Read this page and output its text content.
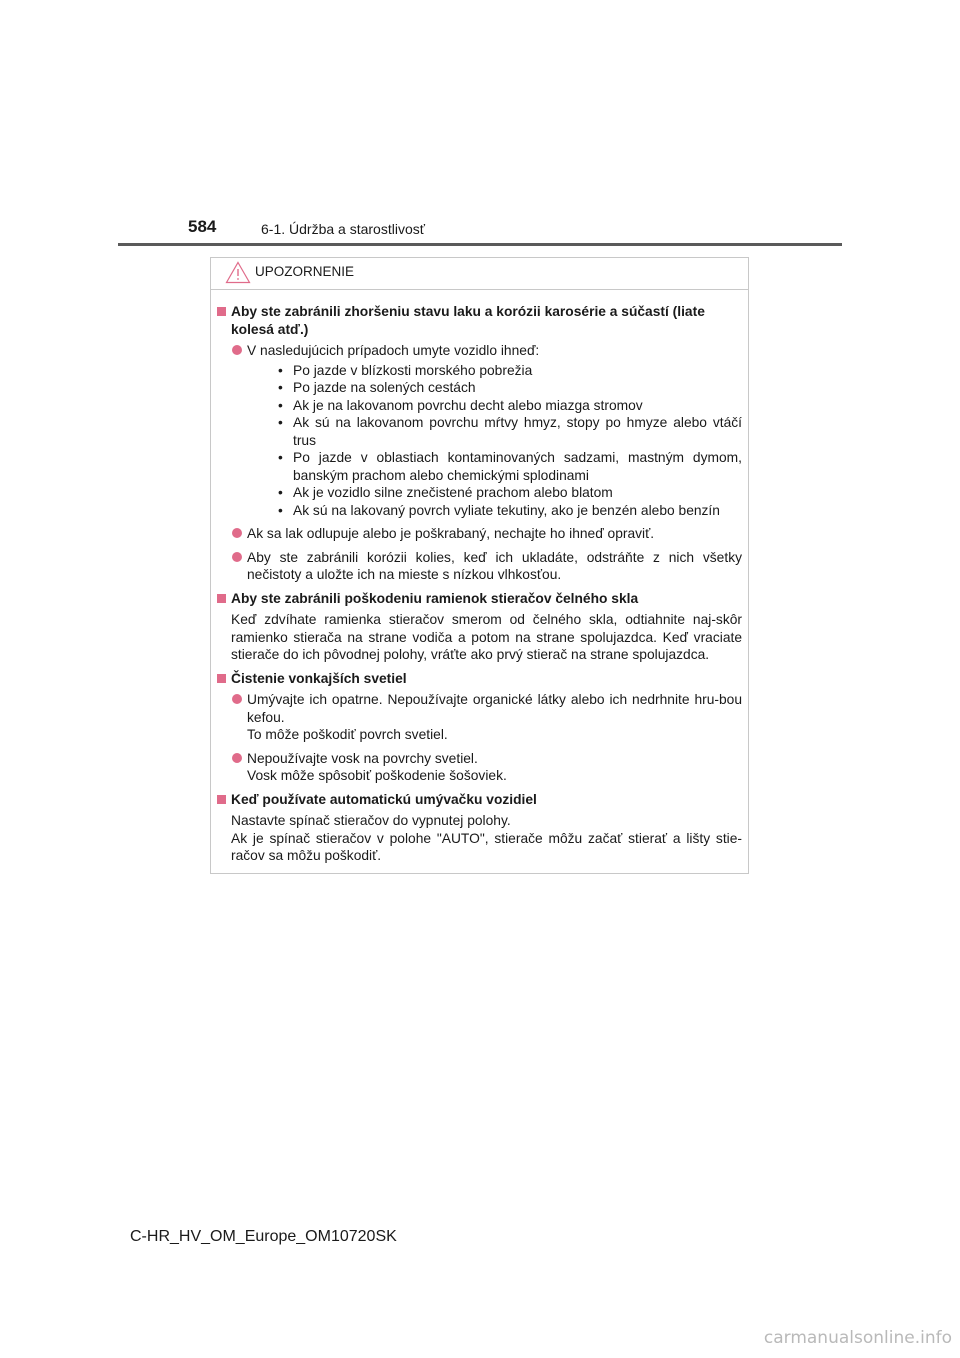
584	6-1. Údržba a starostlivosť
UPOZORNENIE
Aby ste zabránili zhoršeniu stavu laku a korózii karosérie a súčastí (liate kolesá atď.)
V nasledujúcich prípadoch umyte vozidlo ihneď:
• Po jazde v blízkosti morského pobrežia
• Po jazde na solených cestách
• Ak je na lakovanom povrchu decht alebo miazga stromov
• Ak sú na lakovanom povrchu mŕtvy hmyz, stopy po hmyze alebo vtáčí trus
• Po jazde v oblastiach kontaminovaných sadzami, mastným dymom, banským prachom alebo chemickými splodinami
• Ak je vozidlo silne znečistené prachom alebo blatom
• Ak sú na lakovaný povrch vyliate tekutiny, ako je benzén alebo benzín
Ak sa lak odlupuje alebo je poškrabaný, nechajte ho ihneď opraviť.
Aby ste zabránili korózii kolies, keď ich ukladáte, odstráňte z nich všetky nečistoty a uložte ich na mieste s nízkou vlhkosťou.
Aby ste zabránili poškodeniu ramienok stieračov čelného skla
Keď zdvíhate ramienka stieračov smerom od čelného skla, odtiahnite naj-skôr ramienko stierača na strane vodiča a potom na strane spolujazdca. Keď vraciate stierače do ich pôvodnej polohy, vráťte ako prvý stierač na strane spolujazdca.
Čistenie vonkajších svetiel
Umývajte ich opatrne. Nepoužívajte organické látky alebo ich nedrhnite hru-bou kefou.
To môže poškodiť povrch svetiel.
Nepoužívajte vosk na povrchy svetiel.
Vosk môže spôsobiť poškodenie šošoviek.
Keď používate automatickú umývačku vozidiel
Nastavte spínač stieračov do vypnutej polohy.
Ak je spínač stieračov v polohe "AUTO", stierače môžu začať stierať a lišty stie-račov sa môžu poškodiť.
C-HR_HV_OM_Europe_OM10720SK
carmanualsonline.info
